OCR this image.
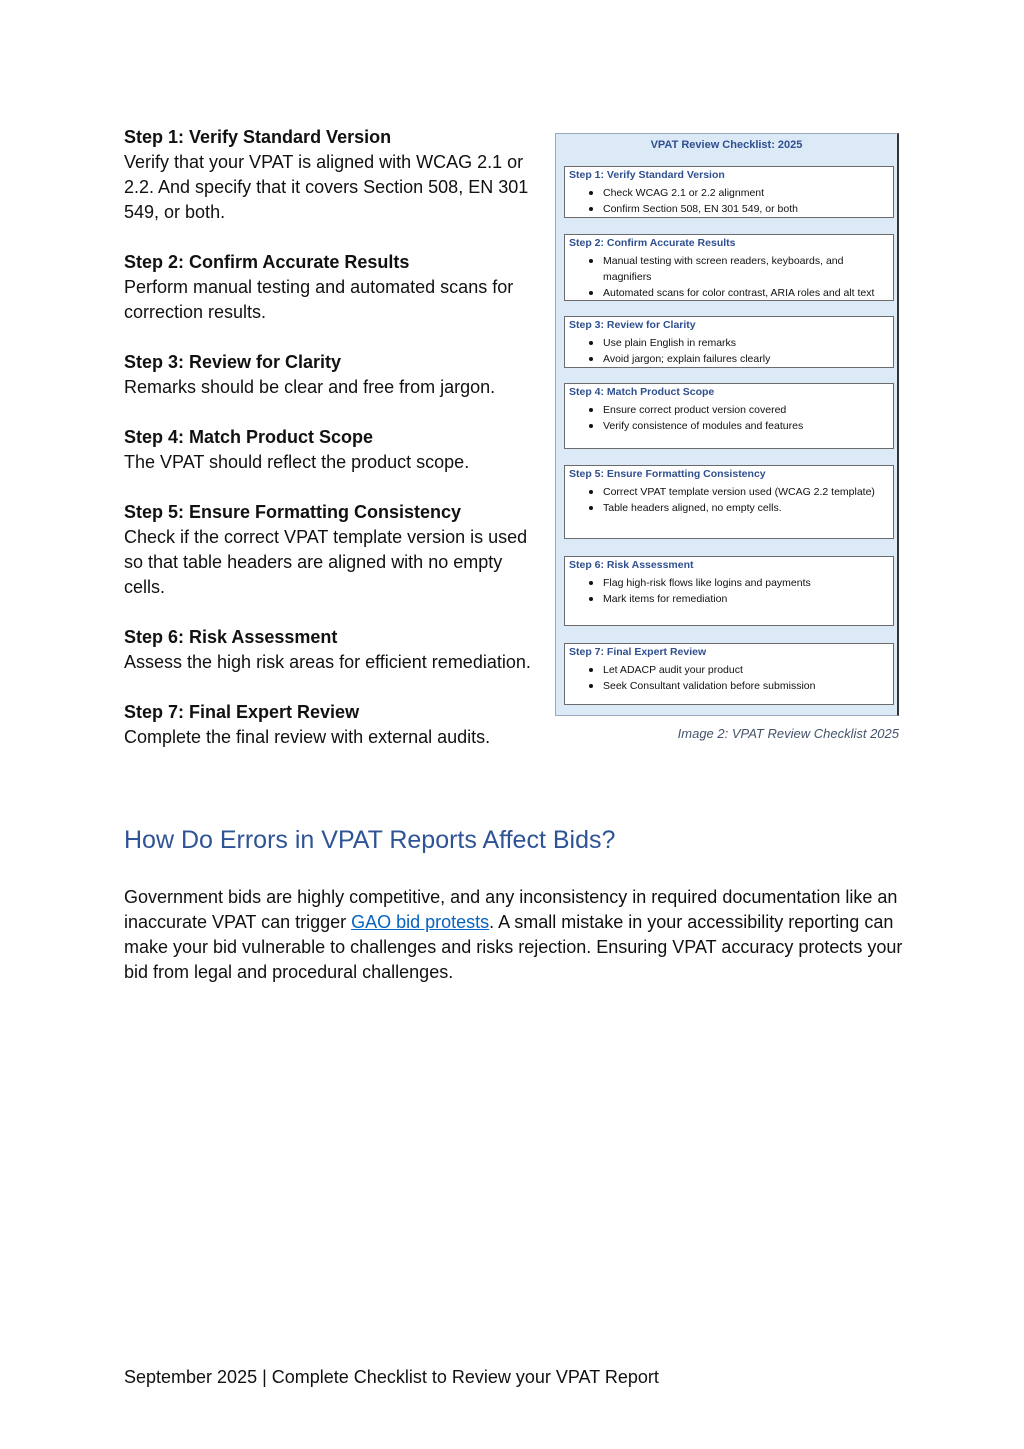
Step 1: Verify Standard Version
Verify that your VPAT is aligned with WCAG 2.1 or 2.2. And specify that it covers Section 508, EN 301 549, or both.
Step 2: Confirm Accurate Results
Perform manual testing and automated scans for correction results.
Step 3: Review for Clarity
Remarks should be clear and free from jargon.
Step 4: Match Product Scope
The VPAT should reflect the product scope.
Step 5: Ensure Formatting Consistency
Check if the correct VPAT template version is used so that table headers are aligned with no empty cells.
Step 6: Risk Assessment
Assess the high risk areas for efficient remediation.
Step 7: Final Expert Review
Complete the final review with external audits.
VPAT Review Checklist: 2025
Step 1: Verify Standard Version
Check WCAG 2.1 or 2.2 alignment
Confirm Section 508, EN 301 549, or both
Step 2: Confirm Accurate Results
Manual testing with screen readers, keyboards, and magnifiers
Automated scans for color contrast, ARIA roles and alt text
Step 3: Review for Clarity
Use plain English in remarks
Avoid jargon; explain failures clearly
Step 4: Match Product Scope
Ensure correct product version covered
Verify consistence of modules and features
Step 5: Ensure Formatting Consistency
Correct VPAT template version used (WCAG 2.2 template)
Table headers aligned, no empty cells.
Step 6: Risk Assessment
Flag high-risk flows like logins and payments
Mark items for remediation
Step 7: Final Expert Review
Let ADACP audit your product
Seek Consultant validation before submission
Image 2: VPAT Review Checklist 2025
How Do Errors in VPAT Reports Affect Bids?
Government bids are highly competitive, and any inconsistency in required documentation like an inaccurate VPAT can trigger GAO bid protests. A small mistake in your accessibility reporting can make your bid vulnerable to challenges and risks rejection. Ensuring VPAT accuracy protects your bid from legal and procedural challenges.
September 2025 | Complete Checklist to Review your VPAT Report
